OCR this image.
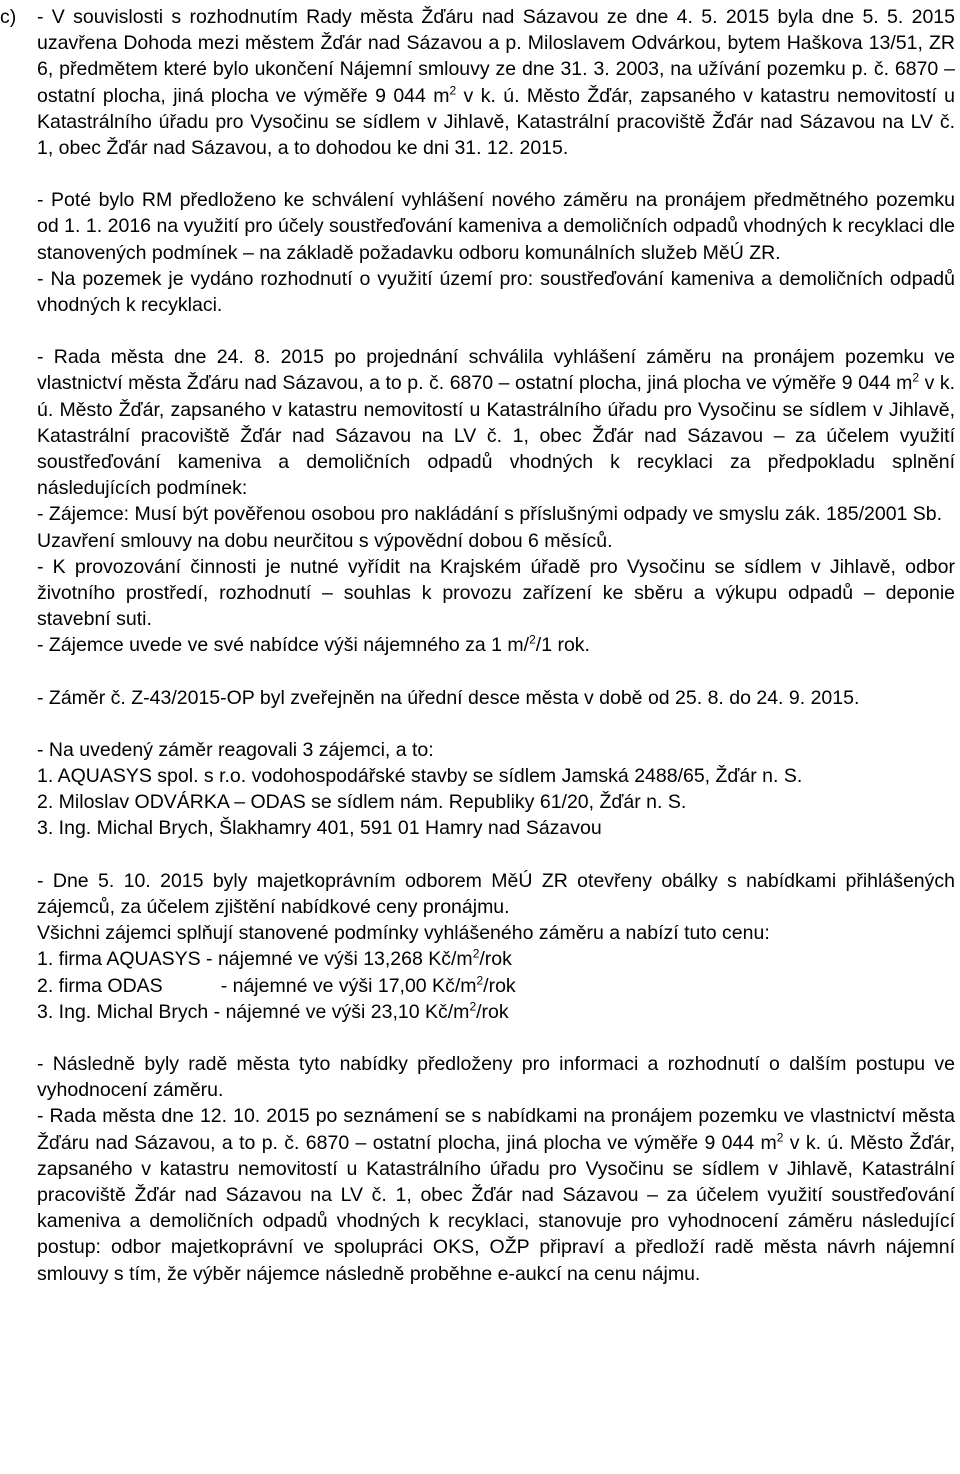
c) - V souvislosti s rozhodnutím Rady města Žďáru nad Sázavou ze dne 4. 5. 2015 byla dne 5. 5. 2015 uzavřena Dohoda mezi městem Žďár nad Sázavou a p. Miloslavem Odvárkou, bytem Haškova 13/51, ZR 6, předmětem které bylo ukončení Nájemní smlouvy ze dne 31. 3. 2003, na užívání pozemku p. č. 6870 – ostatní plocha, jiná plocha ve výměře 9 044 $m^2$ v k. ú. Město Žďár, zapsaného v katastru nemovitostí u Katastrálního úřadu pro Vysočinu se sídlem v Jihlavě, Katastrální pracoviště Žďár nad Sázavou na LV č. 1, obec Žďár nad Sázavou, a to dohodou ke dni 31. 12. 2015.

- Poté bylo RM předloženo ke schválení vyhlášení nového záměru na pronájem předmětného pozemku od 1. 1. 2016 na využití pro účely soustřeďování kameniva a demoličních odpadů vhodných k recyklaci dle stanovených podmínek – na základě požadavku odboru komunálních služeb MěÚ ZR.

- Na pozemek je vydáno rozhodnutí o využití území pro: soustřeďování kameniva a demoličních odpadů vhodných k recyklaci.

- Rada města dne 24. 8. 2015 po projednání schválila vyhlášení záměru na pronájem pozemku ve vlastnictví města Žďáru nad Sázavou, a to p. č. 6870 – ostatní plocha, jiná plocha ve výměře 9 044 $m^2$ v k. ú. Město Žďár, zapsaného v katastru nemovitostí u Katastrálního úřadu pro Vysočinu se sídlem v Jihlavě, Katastrální pracoviště Žďár nad Sázavou na LV č. 1, obec Žďár nad Sázavou – za účelem využití soustřeďování kameniva a demoličních odpadů vhodných k recyklaci za předpokladu splnění následujících podmínek:

- Zájemce: Musí být pověřenou osobou pro nakládání s příslušnými odpady ve smyslu zák. 185/2001 Sb.

Uzavření smlouvy na dobu neurčitou s výpovědní dobou 6 měsíců.

- K provozování činnosti je nutné vyřídit na Krajském úřadě pro Vysočinu se sídlem v Jihlavě, odbor životního prostředí, rozhodnutí – souhlas k provozu zařízení ke sběru a výkupu odpadů – deponie stavební suti.

- Zájemce uvede ve své nabídce výši nájemného za 1 m/$^2$/1 rok.

- Záměr č. Z-43/2015-OP byl zveřejněn na úřední desce města v době od 25. 8. do 24. 9. 2015.

- Na uvedený záměr reagovali 3 zájemci, a to:

1. AQUASYS spol. s r.o. vodohospodářské stavby se sídlem Jamská 2488/65, Žďár n. S.
2. Miloslav ODVÁRKA – ODAS se sídlem nám. Republiky 61/20, Žďár n. S.
3. Ing. Michal Brych, Šlakhamry 401, 591 01 Hamry nad Sázavou

- Dne 5. 10. 2015 byly majetkoprávním odborem MěÚ ZR otevřeny obálky s nabídkami přihlášených zájemců, za účelem zjištění nabídkové ceny pronájmu.

Všichni zájemci splňují stanovené podmínky vyhlášeného záměru a nabízí tuto cenu:

1. firma AQUASYS - nájemné ve výši 13,268 $Kč/m^2$/rok
2. firma ODAS	- nájemné ve výši 17,00 $Kč/m^2$/rok
3. Ing. Michal Brych - nájemné ve výši 23,10 $Kč/m^2$/rok

- Následně byly radě města tyto nabídky předloženy pro informaci a rozhodnutí o dalším postupu ve vyhodnocení záměru.

- Rada města dne 12. 10. 2015 po seznámení se s nabídkami na pronájem pozemku ve vlastnictví města Žďáru nad Sázavou, a to p. č. 6870 – ostatní plocha, jiná plocha ve výměře 9 044 $m^2$ v k. ú. Město Žďár, zapsaného v katastru nemovitostí u Katastrálního úřadu pro Vysočinu se sídlem v Jihlavě, Katastrální pracoviště Žďár nad Sázavou na LV č. 1, obec Žďár nad Sázavou – za účelem využití soustřeďování kameniva a demoličních odpadů vhodných k recyklaci, stanovuje pro vyhodnocení záměru následující postup: odbor majetkoprávní ve spolupráci OKS, OŽP připraví a předloží radě města návrh nájemní smlouvy s tím, že výběr nájemce následně proběhne e-aukcí na cenu nájmu.
